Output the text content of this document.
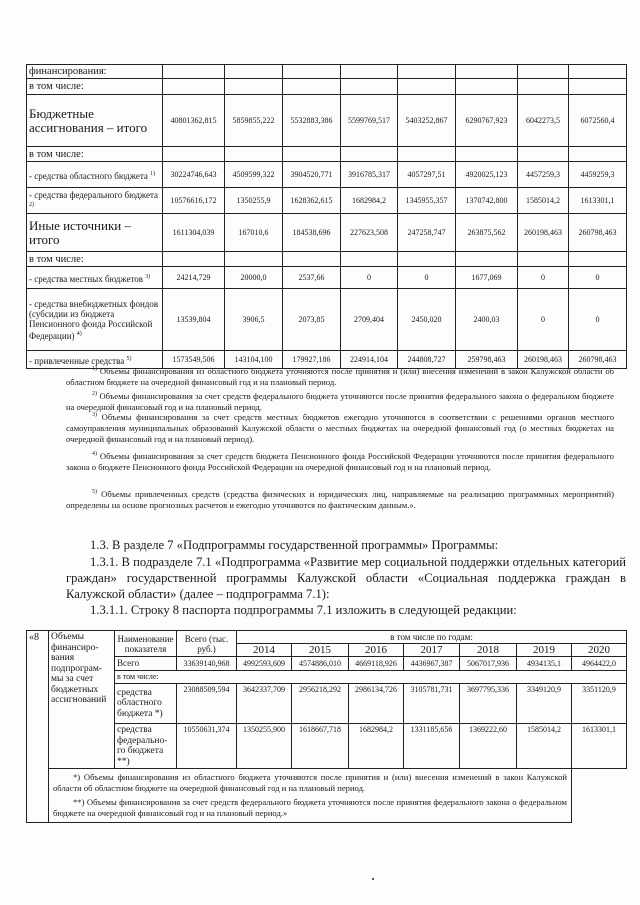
финансирования:								
в том числе:								
Бюджетные ассигнования – итого	40801362,815	5859855,222	5532883,386	5599769,517	5403252,867	6290767,923	6042273,5	6072560,4
в том числе:								
- средства областного бюджета $^{1)}$	30224746,643	4509599,322	3904520,771	3916785,317	4057297,51	4920025,123	4457259,3	4459259,3
- средства федерального бюджета $^{2)}$	10576616,172	1350255,9	1628362,615	1682984,2	1345955,357	1370742,800	1585014,2	1613301,1
Иные источники – итого	1611304,039	167010,6	184538,696	227623,508	247258,747	263875,562	260198,463	260798,463
в том числе:								
- средства местных бюджетов $^{3)}$	24214,729	20000,0	2537,66	0	0	1677,069	0	0
- средства внебюджетных фондов (субсидии из бюджета Пенсионного фонда Российской Федерации) $^{4)}$	13539,804	3906,5	2073,85	2709,404	2450,020	2400,03	0	0
- привлеченные средства $^{5)}$	1573549,506	143104,100	179927,186	224914,104	244808,727	259798,463	260198,463	260798,463
$^{1)}$ Объемы финансирования из областного бюджета уточняются после принятия и (или) внесения изменений в закон Калужской области об областном бюджете на очередной финансовый год и на плановый период.
$^{2)}$ Объемы финансирования за счет средств федерального бюджета уточняются после принятия федерального закона о федеральном бюджете на очередной финансовый год и на плановый период.
$^{3)}$ Объемы финансирования за счет средств местных бюджетов ежегодно уточняются в соответствии с решениями органов местного самоуправления муниципальных образований Калужской области о местных бюджетах на очередной финансовый год (о местных бюджетах на очередной финансовый год и на плановый период).
$^{4)}$ Объемы финансирования за счет средств бюджета Пенсионного фонда Российской Федерации уточняются после принятия федерального закона о бюджете Пенсионного фонда Российской Федерации на очередной финансовый год и на плановый период.
$^{5)}$ Объемы привлеченных средств (средства физических и юридических лиц, направляемые на реализацию программных мероприятий) определены на основе прогнозных расчетов и ежегодно уточняются по фактическим данным.».
1.3. В разделе 7 «Подпрограммы государственной программы» Программы:
1.3.1. В подразделе 7.1 «Подпрограмма «Развитие мер социальной поддержки отдельных категорий граждан» государственной программы Калужской области «Социальная поддержка граждан в Калужской области» (далее – подпрограмма 7.1):
1.3.1.1. Строку 8 паспорта подпрограммы 7.1 изложить в следующей редакции:
«8	Объемы финансиро-вания подпрограм-мы за счет бюджетных ассигнований	Наименование показателя	Всего (тыс. руб.)	в том числе по годам:						
				2014	2015	2016	2017	2018	2019	2020
		Всего	33639140,968	4992593,609	4574886,010	4669118,926	4436967,387	5067017,936	4934135,1	4964422,0
		в том числе:								
		средства областного бюджета *)	23088509,594	3642337,709	2956218,292	2986134,726	3105781,731	3697795,336	3349120,9	3351120,9
		средства федерально-го бюджета **)	10550631,374	1350255,900	1618667,718	1682984,2	1331185,656	1369222,60	1585014,2	1613301,1

	*) Объемы финансирования из областного бюджета уточняются после принятия и (или) внесения изменений в закон Калужской области об областном бюджете на очередной финансовый год и на плановый период.
**) Объемы финансирования за счет средств федерального бюджета уточняются после принятия федерального закона о федеральном бюджете на очередной финансовый год и на плановый период.»									
